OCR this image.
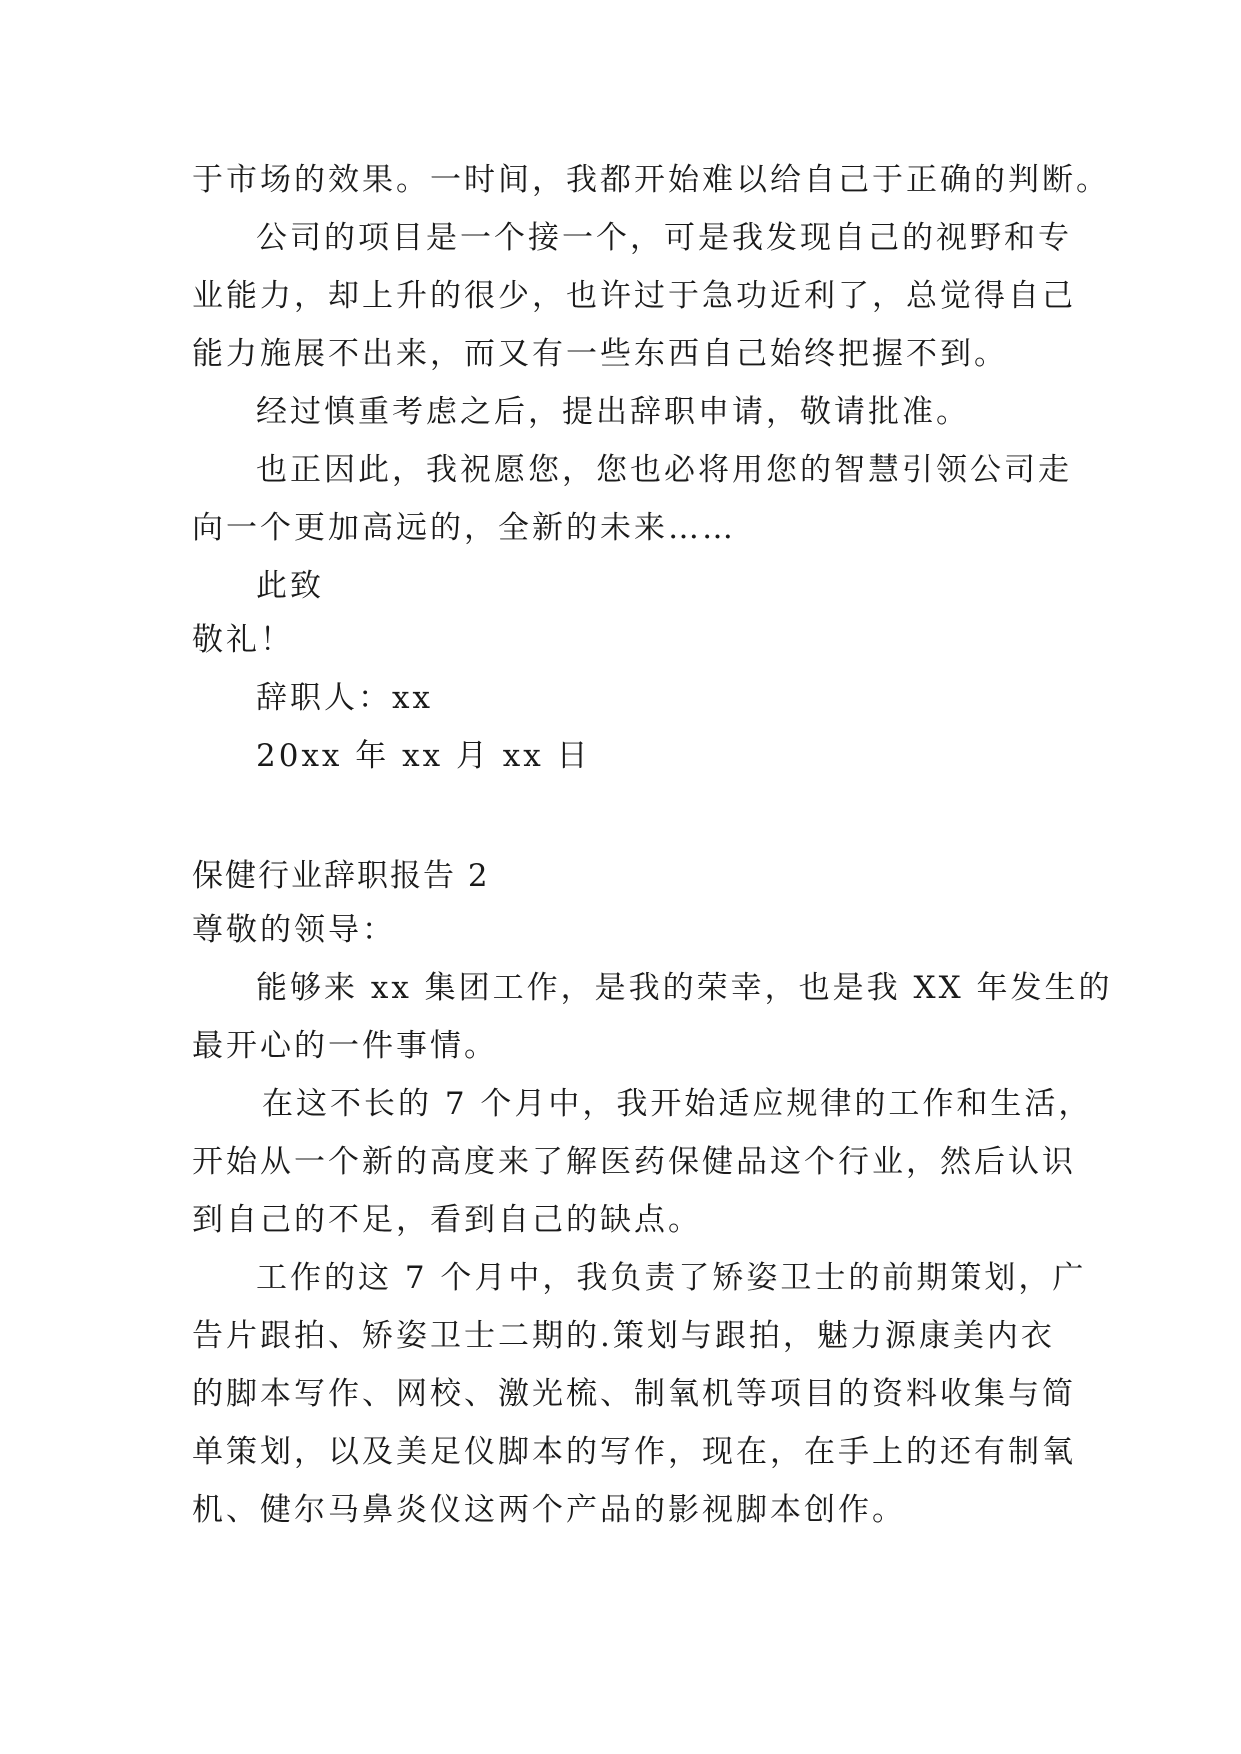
于市场的效果。一时间，我都开始难以给自己于正确的判断。
公司的项目是一个接一个，可是我发现自己的视野和专
业能力，却上升的很少，也许过于急功近利了，总觉得自己
能力施展不出来，而又有一些东西自己始终把握不到。
经过慎重考虑之后，提出辞职申请，敬请批准。
也正因此，我祝愿您，您也必将用您的智慧引领公司走
向一个更加高远的，全新的未来……
此致
敬礼！
辞职人：xx
20xx 年 xx 月 xx 日
保健行业辞职报告 2
尊敬的领导：
能够来 xx 集团工作，是我的荣幸，也是我 XX 年发生的
最开心的一件事情。
在这不长的 7 个月中，我开始适应规律的工作和生活，
开始从一个新的高度来了解医药保健品这个行业，然后认识
到自己的不足，看到自己的缺点。
工作的这 7 个月中，我负责了矫姿卫士的前期策划，广
告片跟拍、矫姿卫士二期的.策划与跟拍，魅力源康美内衣
的脚本写作、网校、激光梳、制氧机等项目的资料收集与简
单策划，以及美足仪脚本的写作，现在，在手上的还有制氧
机、健尔马鼻炎仪这两个产品的影视脚本创作。
